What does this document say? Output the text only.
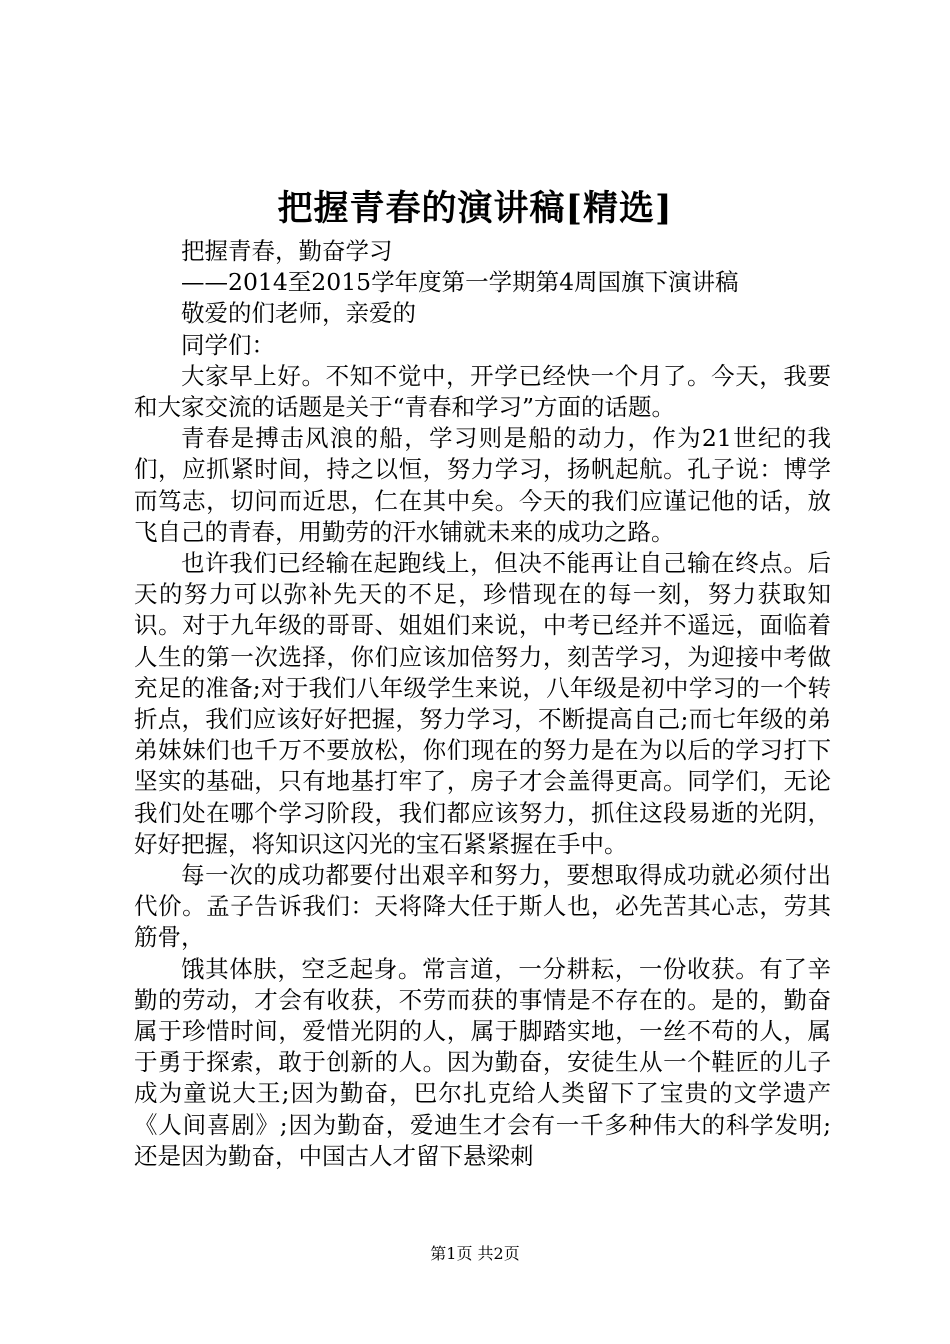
把握青春的演讲稿[精选]

把握青春，勤奋学习

——2014至2015学年度第一学期第4周国旗下演讲稿

敬爱的们老师，亲爱的

同学们：

大家早上好。不知不觉中，开学已经快一个月了。今天，我要和大家交流的话题是关于“青春和学习”方面的话题。

青春是搏击风浪的船，学习则是船的动力，作为21世纪的我们，应抓紧时间，持之以恒，努力学习，扬帆起航。孔子说：博学而笃志，切问而近思，仁在其中矣。今天的我们应谨记他的话，放飞自己的青春，用勤劳的汗水铺就未来的成功之路。

也许我们已经输在起跑线上，但决不能再让自己输在终点。后天的努力可以弥补先天的不足，珍惜现在的每一刻，努力获取知识。对于九年级的哥哥、姐姐们来说，中考已经并不遥远，面临着人生的第一次选择，你们应该加倍努力，刻苦学习，为迎接中考做充足的准备;对于我们八年级学生来说，八年级是初中学习的一个转折点，我们应该好好把握，努力学习，不断提高自己;而七年级的弟弟妹妹们也千万不要放松，你们现在的努力是在为以后的学习打下坚实的基础，只有地基打牢了，房子才会盖得更高。同学们，无论我们处在哪个学习阶段，我们都应该努力，抓住这段易逝的光阴，好好把握，将知识这闪光的宝石紧紧握在手中。

每一次的成功都要付出艰辛和努力，要想取得成功就必须付出代价。孟子告诉我们：天将降大任于斯人也，必先苦其心志，劳其筋骨，

饿其体肤，空乏起身。常言道，一分耕耘，一份收获。有了辛勤的劳动，才会有收获，不劳而获的事情是不存在的。是的，勤奋属于珍惜时间，爱惜光阴的人，属于脚踏实地，一丝不苟的人，属于勇于探索，敢于创新的人。因为勤奋，安徒生从一个鞋匠的儿子成为童说大王;因为勤奋，巴尔扎克给人类留下了宝贵的文学遗产《人间喜剧》;因为勤奋，爱迪生才会有一千多种伟大的科学发明;还是因为勤奋，中国古人才留下悬梁刺

第1页 共2页
